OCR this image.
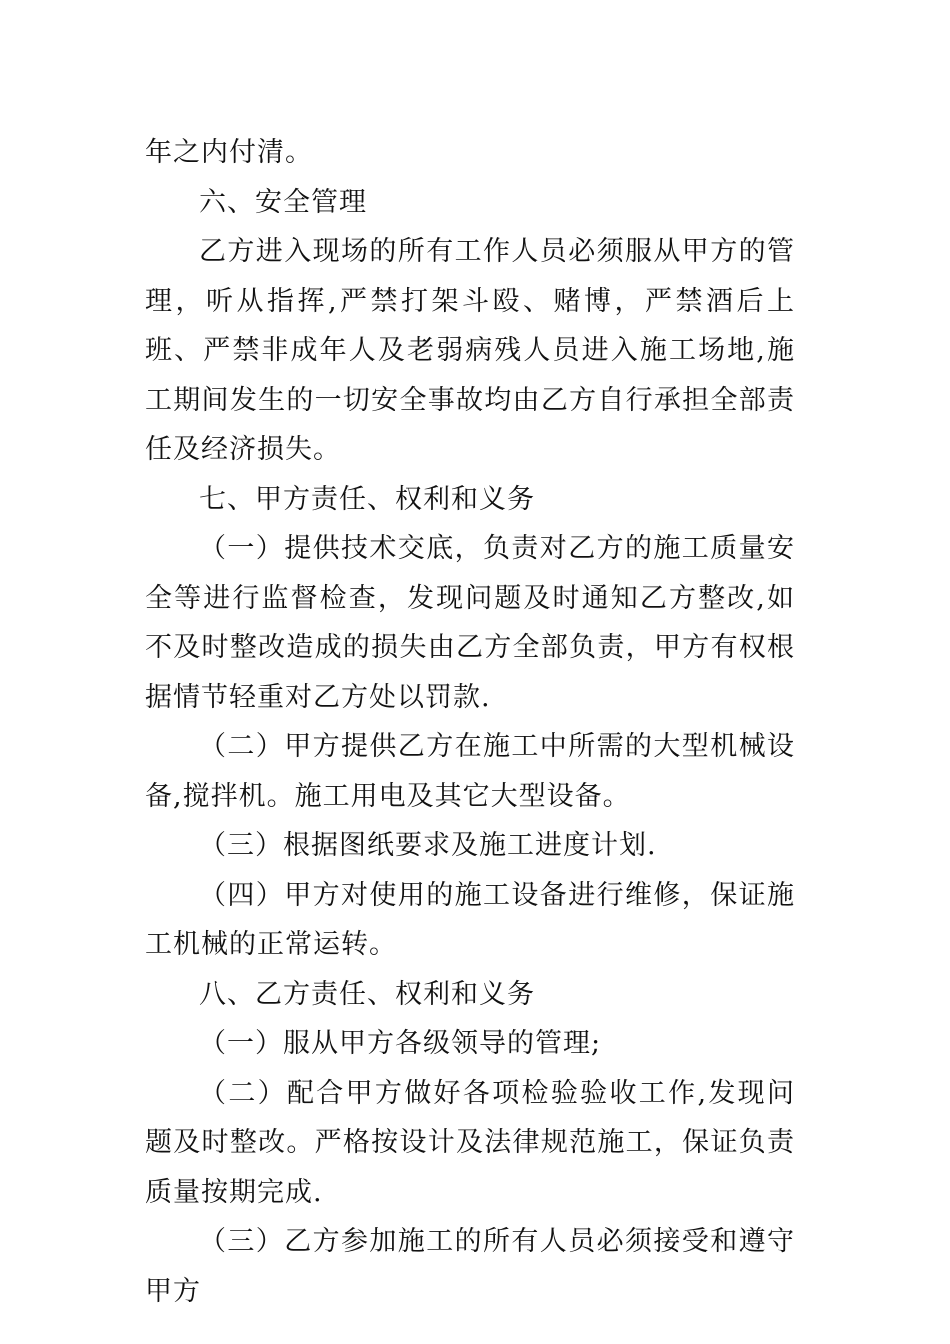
年之内付清。

六、安全管理

乙方进入现场的所有工作人员必须服从甲方的管理，听从指挥,严禁打架斗殴、赌博，严禁酒后上班、严禁非成年人及老弱病残人员进入施工场地,施工期间发生的一切安全事故均由乙方自行承担全部责任及经济损失。

七、甲方责任、权利和义务

（一）提供技术交底，负责对乙方的施工质量安全等进行监督检查，发现问题及时通知乙方整改,如不及时整改造成的损失由乙方全部负责，甲方有权根据情节轻重对乙方处以罚款.

（二）甲方提供乙方在施工中所需的大型机械设备,搅拌机。施工用电及其它大型设备。

（三）根据图纸要求及施工进度计划.

（四）甲方对使用的施工设备进行维修，保证施工机械的正常运转。

八、乙方责任、权利和义务

（一）服从甲方各级领导的管理;

（二）配合甲方做好各项检验验收工作,发现问题及时整改。严格按设计及法律规范施工，保证负责质量按期完成.

（三）乙方参加施工的所有人员必须接受和遵守甲方
